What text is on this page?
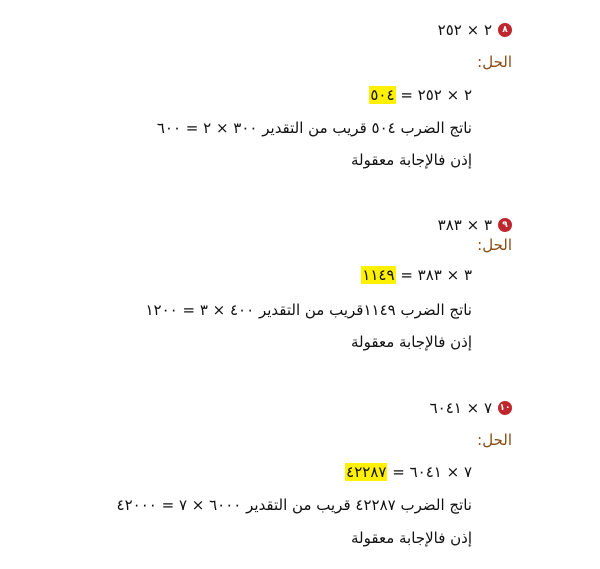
٨
٢ × ٢٥٢
الحل:
٢ × ٢٥٢ = ٥٠٤
ناتج الضرب ٥٠٤ قريب من التقدير ٣٠٠ × ٢ = ٦٠٠
إذن فالإجابة معقولة
٩
٣ × ٣٨٣
الحل:
٣ × ٣٨٣ = ١١٤٩
ناتج الضرب ١١٤٩قريب من التقدير ٤٠٠ × ٣ = ١٢٠٠
إذن فالإجابة معقولة
١٠
٧ × ٦٠٤١
الحل:
٧ × ٦٠٤١ = ٤٢٢٨٧
ناتج الضرب ٤٢٢٨٧ قريب من التقدير ٦٠٠٠ × ٧ = ٤٢٠٠٠
إذن فالإجابة معقولة
